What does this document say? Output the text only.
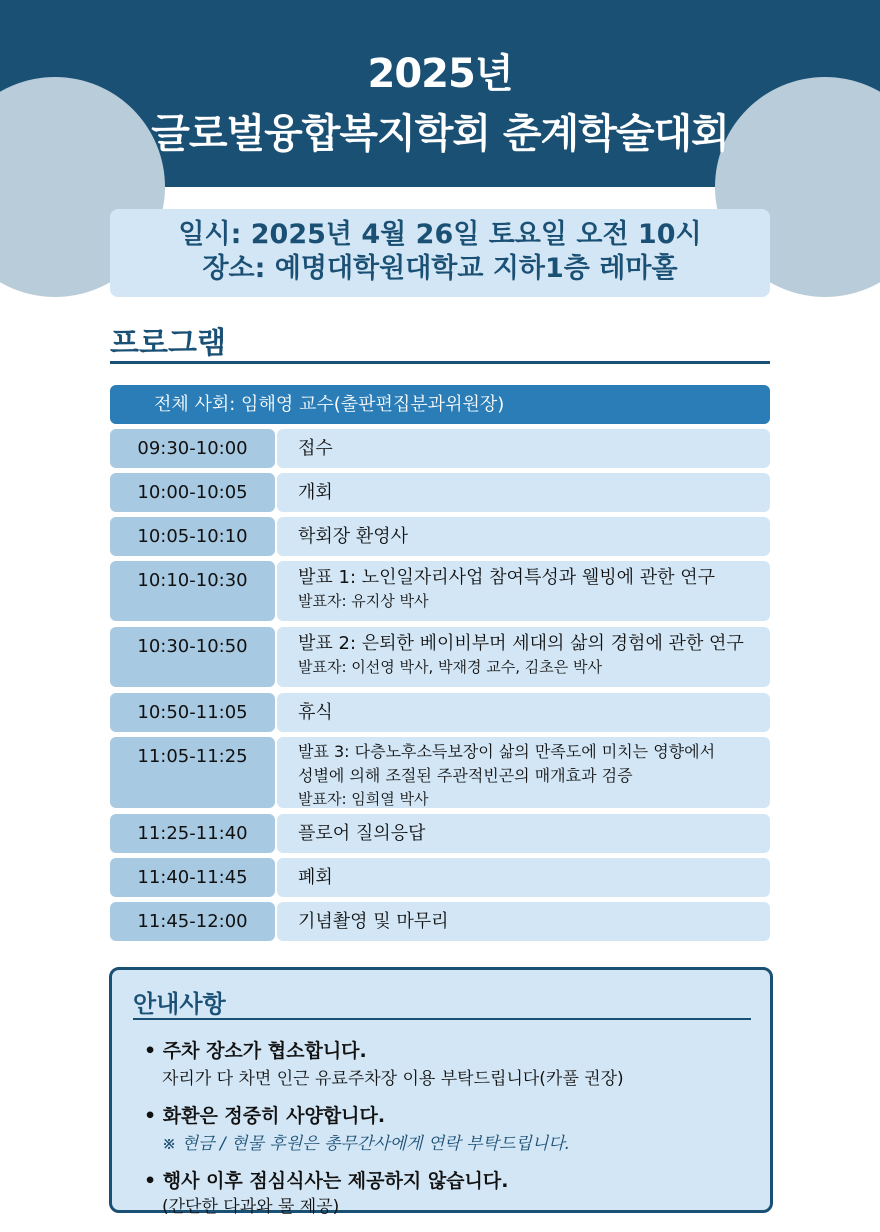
2025년
글로벌융합복지학회 춘계학술대회
일시: 2025년 4월 26일 토요일 오전 10시
장소: 예명대학원대학교 지하1층 레마홀
프로그램
전체 사회: 임해영 교수(출판편집분과위원장)
09:30-10:00	접수
10:00-10:05	개회
10:05-10:10	학회장 환영사
10:10-10:30	발표 1: 노인일자리사업 참여특성과 웰빙에 관한 연구
발표자: 유지상 박사
10:30-10:50	발표 2: 은퇴한 베이비부머 세대의 삶의 경험에 관한 연구
발표자: 이선영 박사, 박재경 교수, 김초은 박사
10:50-11:05	휴식
11:05-11:25	발표 3: 다층노후소득보장이 삶의 만족도에 미치는 영향에서
성별에 의해 조절된 주관적빈곤의 매개효과 검증
발표자: 임희열 박사
11:25-11:40	플로어 질의응답
11:40-11:45	폐회
11:45-12:00	기념촬영 및 마무리
안내사항
• 주차 장소가 협소합니다.
자리가 다 차면 인근 유료주차장 이용 부탁드립니다(카풀 권장)
• 화환은 정중히 사양합니다.
※ 현금 / 현물 후원은 총무간사에게 연락 부탁드립니다.
• 행사 이후 점심식사는 제공하지 않습니다.
(간단한 다과와 물 제공)
